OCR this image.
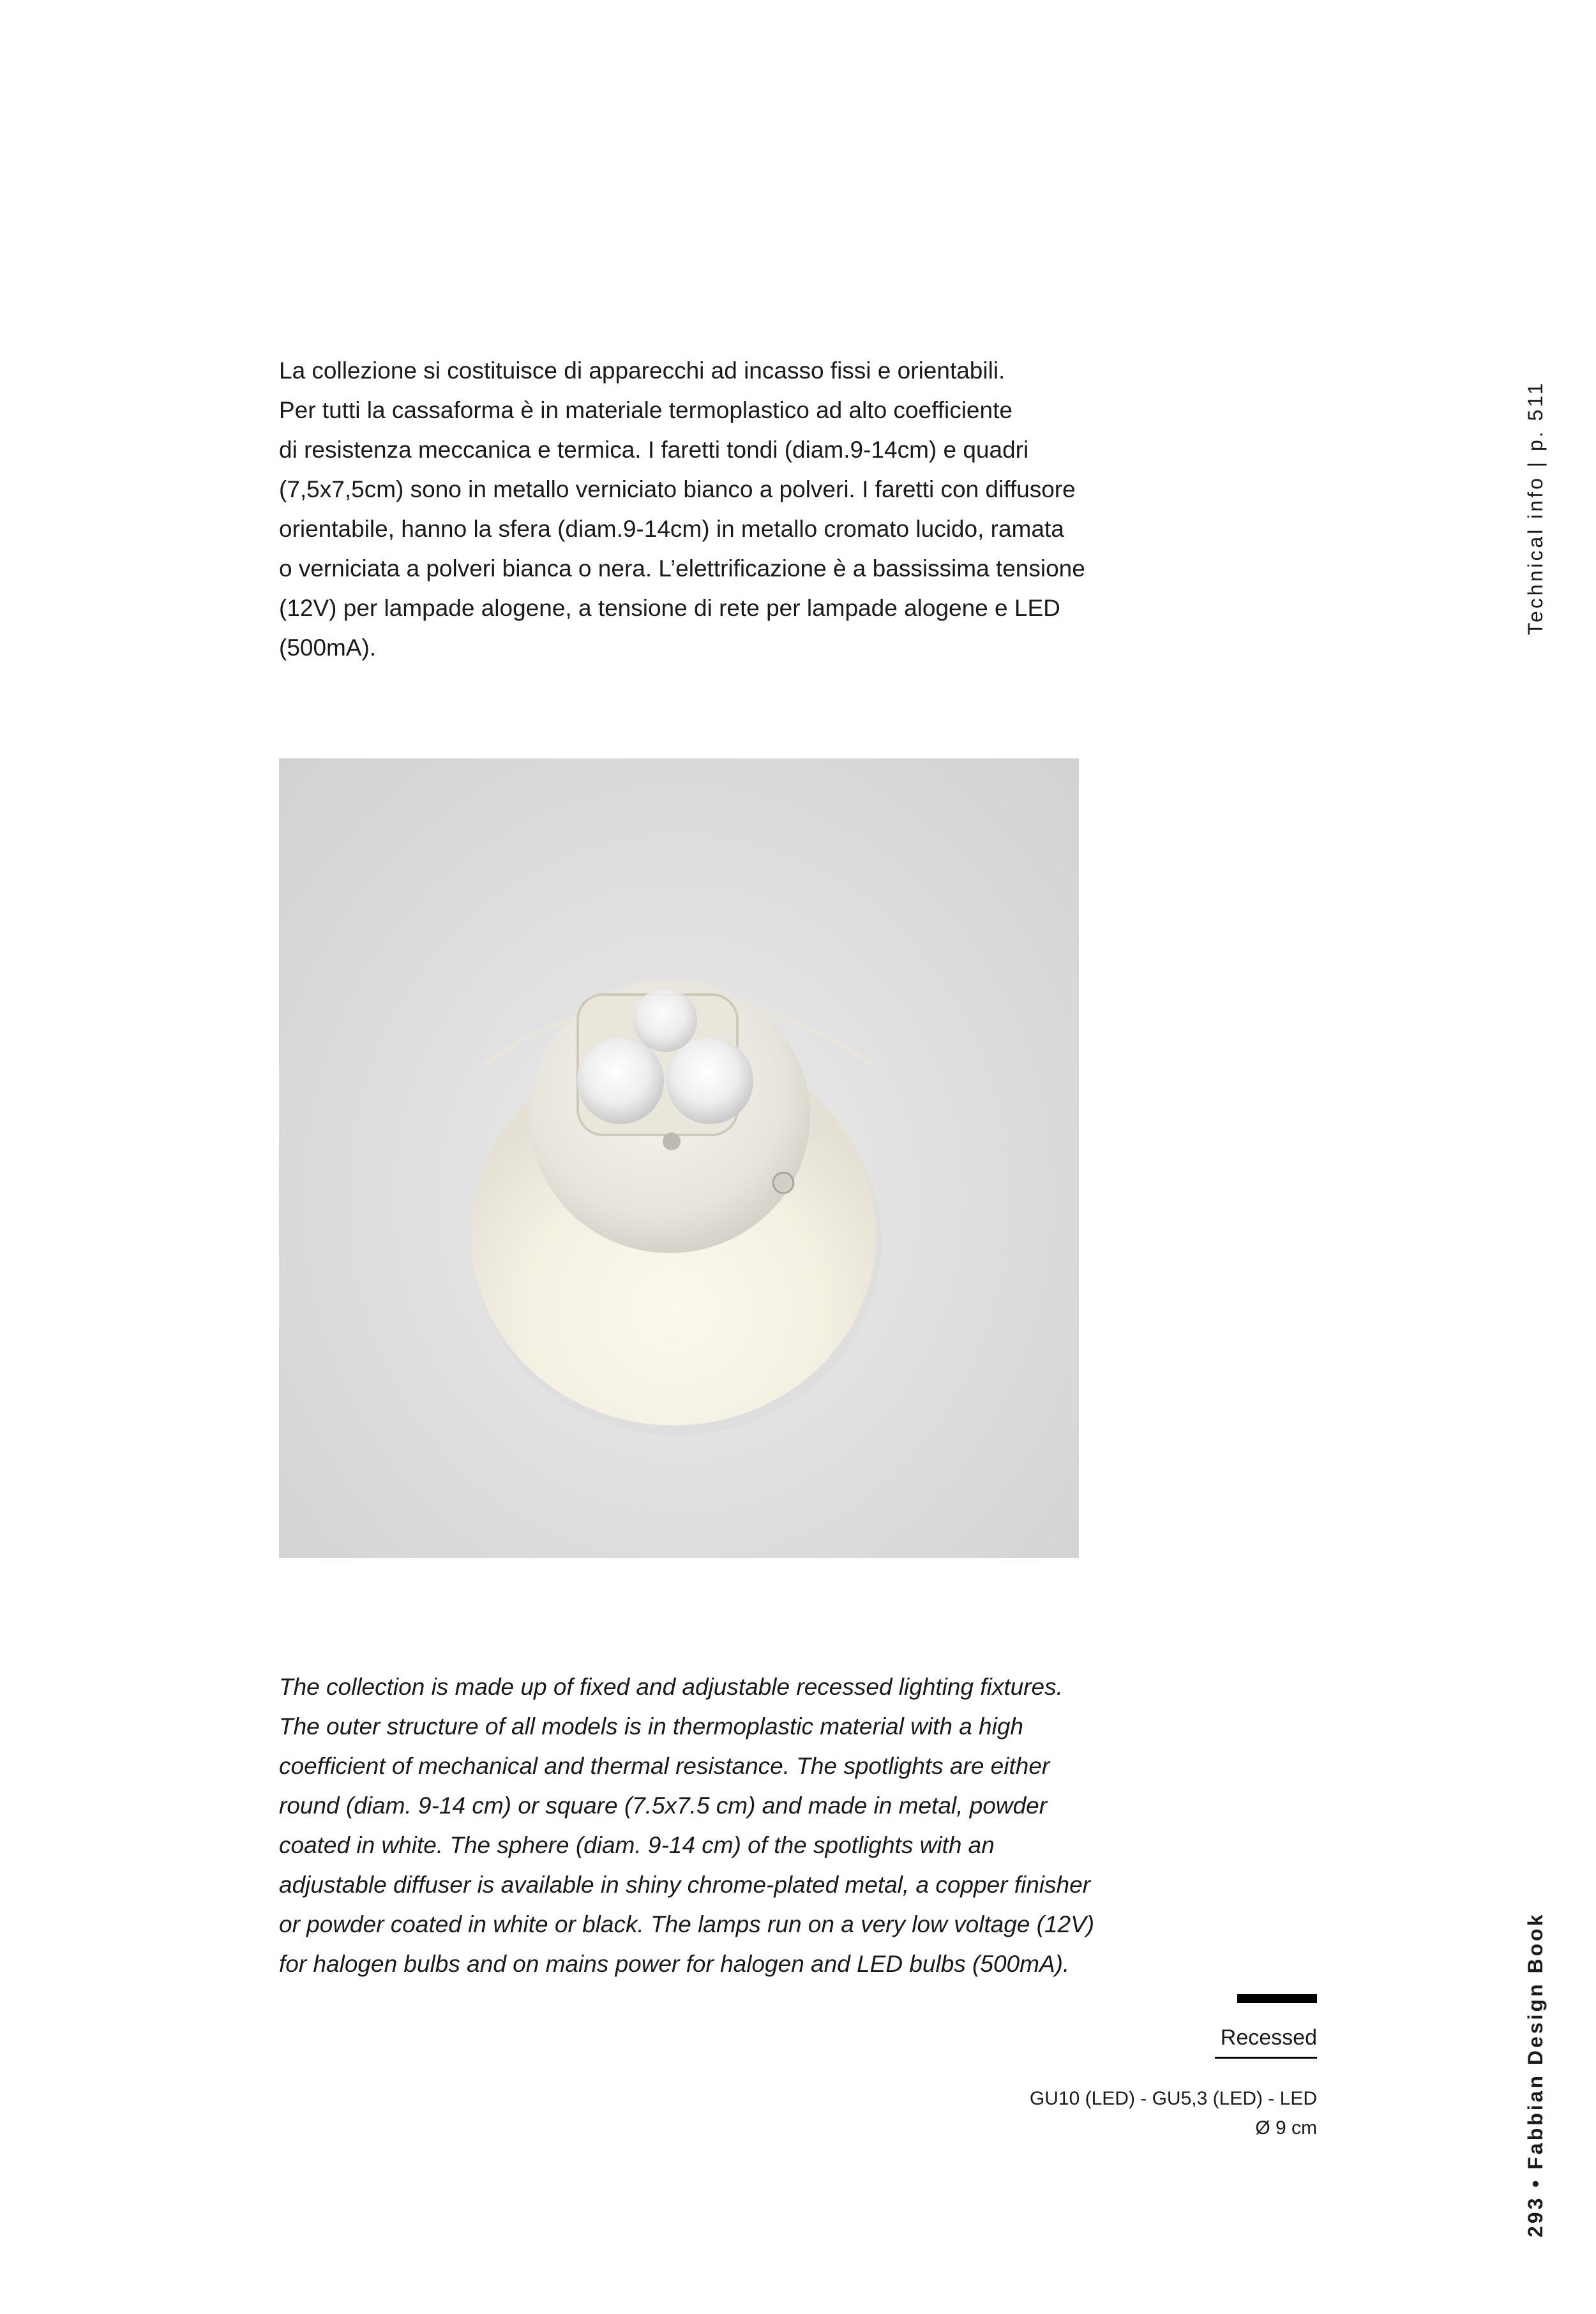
La collezione si costituisce di apparecchi ad incasso fissi e orientabili.
Per tutti la cassaforma è in materiale termoplastico ad alto coefficiente
di resistenza meccanica e termica. I faretti tondi (diam.9-14cm) e quadri
(7,5x7,5cm) sono in metallo verniciato bianco a polveri. I faretti con diffusore
orientabile, hanno la sfera (diam.9-14cm) in metallo cromato lucido, ramata
o verniciata a polveri bianca o nera. L’elettrificazione è a bassissima tensione
(12V) per lampade alogene, a tensione di rete per lampade alogene e LED
(500mA).

The collection is made up of fixed and adjustable recessed lighting fixtures.
The outer structure of all models is in thermoplastic material with a high
coefficient of mechanical and thermal resistance. The spotlights are either
round (diam. 9-14 cm) or square (7.5x7.5 cm) and made in metal, powder
coated in white. The sphere (diam. 9-14 cm) of the spotlights with an
adjustable diffuser is available in shiny chrome-plated metal, a copper finisher
or powder coated in white or black. The lamps run on a very low voltage (12V)
for halogen bulbs and on mains power for halogen and LED bulbs (500mA).

Recessed
GU10 (LED) - GU5,3 (LED) - LED
Ø 9 cm
Technical info | p. 511
293 • Fabbian Design Book
